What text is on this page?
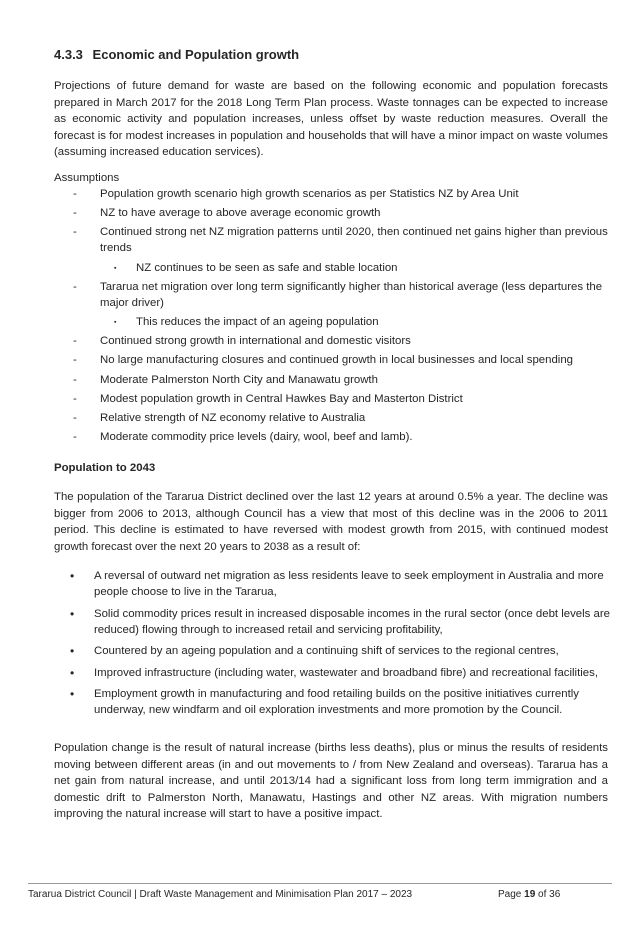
4.3.3 Economic and Population growth

Projections of future demand for waste are based on the following economic and population forecasts prepared in March 2017 for the 2018 Long Term Plan process. Waste tonnages can be expected to increase as economic activity and population increases, unless offset by waste reduction measures. Overall the forecast is for modest increases in population and households that will have a minor impact on waste volumes (assuming increased education services).

Assumptions
- Population growth scenario high growth scenarios as per Statistics NZ by Area Unit
- NZ to have average to above average economic growth
- Continued strong net NZ migration patterns until 2020, then continued net gains higher than previous trends
▪ NZ continues to be seen as safe and stable location
- Tararua net migration over long term significantly higher than historical average (less departures the major driver)
▪ This reduces the impact of an ageing population
- Continued strong growth in international and domestic visitors
- No large manufacturing closures and continued growth in local businesses and local spending
- Moderate Palmerston North City and Manawatu growth
- Modest population growth in Central Hawkes Bay and Masterton District
- Relative strength of NZ economy relative to Australia
- Moderate commodity price levels (dairy, wool, beef and lamb).
Population to 2043

The population of the Tararua District declined over the last 12 years at around 0.5% a year. The decline was bigger from 2006 to 2013, although Council has a view that most of this decline was in the 2006 to 2011 period. This decline is estimated to have reversed with modest growth from 2015, with continued modest growth forecast over the next 20 years to 2038 as a result of:

• A reversal of outward net migration as less residents leave to seek employment in Australia and more people choose to live in the Tararua,
• Solid commodity prices result in increased disposable incomes in the rural sector (once debt levels are reduced) flowing through to increased retail and servicing profitability,
• Countered by an ageing population and a continuing shift of services to the regional centres,
• Improved infrastructure (including water, wastewater and broadband fibre) and recreational facilities,
• Employment growth in manufacturing and food retailing builds on the positive initiatives currently underway, new windfarm and oil exploration investments and more promotion by the Council.

Population change is the result of natural increase (births less deaths), plus or minus the results of residents moving between different areas (in and out movements to / from New Zealand and overseas). Tararua has a net gain from natural increase, and until 2013/14 had a significant loss from long term immigration and a domestic drift to Palmerston North, Manawatu, Hastings and other NZ areas. With migration numbers improving the natural increase will start to have a positive impact.

Tararua District Council | Draft Waste Management and Minimisation Plan 2017 – 2023	Page 19 of 36
